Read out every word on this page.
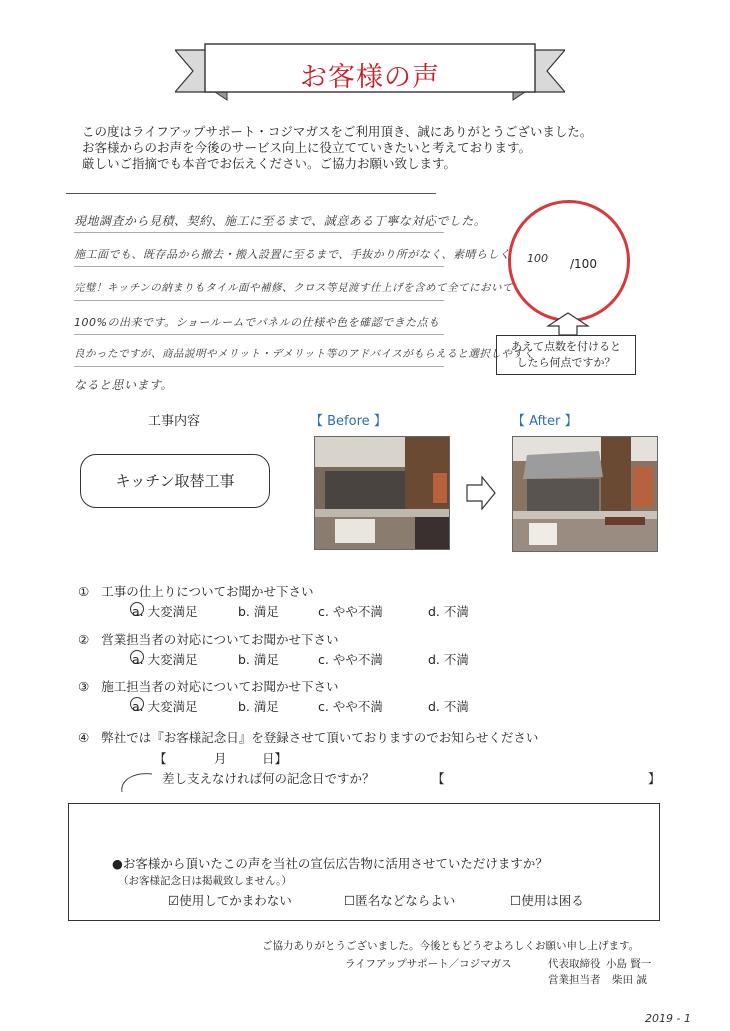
お客様の声
この度はライフアップサポート・コジマガスをご利用頂き、誠にありがとうございました。
お客様からのお声を今後のサービス向上に役立てていきたいと考えております。
厳しいご指摘でも本音でお伝えください。ご協力お願い致します。
現地調査から見積、契約、施工に至るまで、誠意ある丁寧な対応でした。
施工面でも、既存品から撤去・搬入設置に至るまで、手抜かり所がなく、素晴らしく
完璧！キッチンの納まりもタイル面や補修、クロス等見渡す仕上げを含めて全てにおいて
100%の出来です。ショールームでパネルの仕様や色を確認できた点も
良かったですが、商品説明やメリット・デメリット等のアドバイスがもらえると選択しやすく
なると思います。
100 /100
あえて点数を付けると
したら何点ですか？
工事内容	【 Before 】	【 After 】
キッチン取替工事
① 工事の仕上りについてお聞かせ下さい
a. 大変満足	b. 満足	c. やや不満	d. 不満
② 営業担当者の対応についてお聞かせ下さい
a. 大変満足	b. 満足	c. やや不満	d. 不満
③ 施工担当者の対応についてお聞かせ下さい
a. 大変満足	b. 満足	c. やや不満	d. 不満
④ 弊社では『お客様記念日』を登録させて頂いておりますのでお知らせください
【	月	日】
差し支えなければ何の記念日ですか？	【	】
●お客様から頂いたこの声を当社の宣伝広告物に活用させていただけますか？
（お客様記念日は掲載致しません。）
☑使用してかまわない	☐匿名などならよい	☐使用は困る
ご協力ありがとうございました。今後ともどうぞよろしくお願い申し上げます。
ライフアップサポート／コジマガス	代表取締役 小島 賢一
営業担当者 柴田 誠
2019 - 1
